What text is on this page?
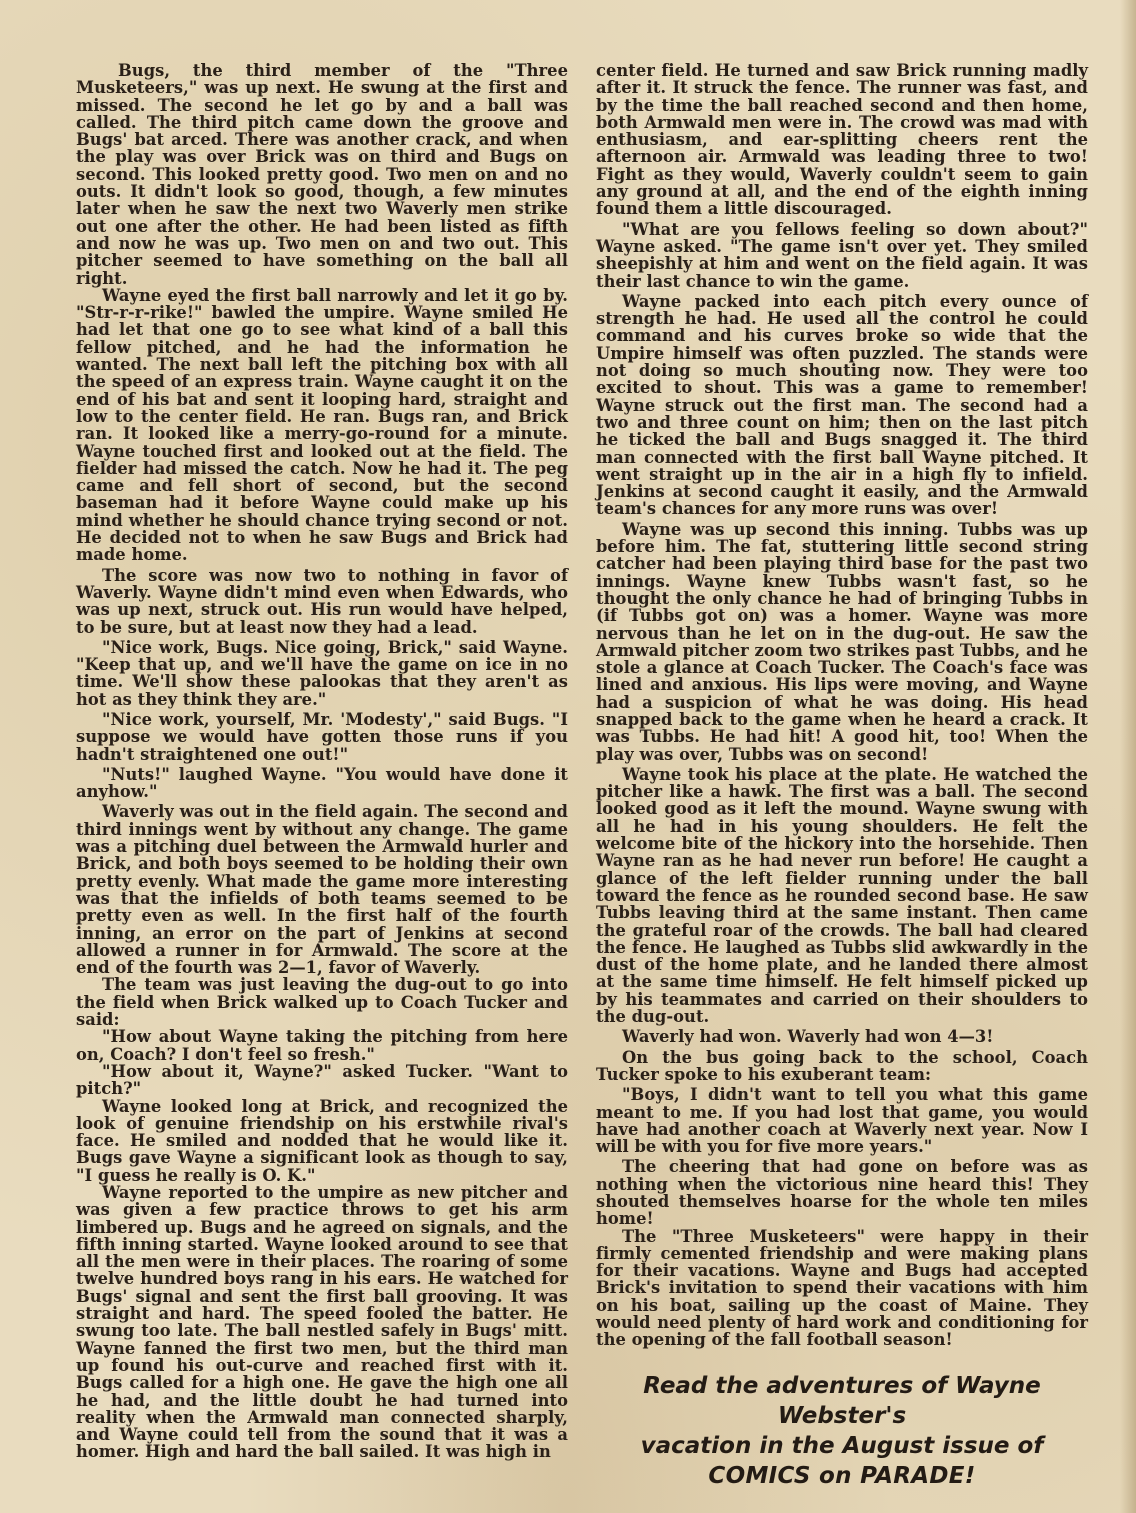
Bugs, the third member of the "Three Musketeers," was up next. He swung at the first and missed. The second he let go by and a ball was called. The third pitch came down the groove and Bugs' bat arced. There was another crack, and when the play was over Brick was on third and Bugs on second. This looked pretty good. Two men on and no outs. It didn't look so good, though, a few minutes later when he saw the next two Waverly men strike out one after the other. He had been listed as fifth and now he was up. Two men on and two out. This pitcher seemed to have something on the ball all right.

Wayne eyed the first ball narrowly and let it go by. "Str-r-r-rike!" bawled the umpire. Wayne smiled He had let that one go to see what kind of a ball this fellow pitched, and he had the information he wanted. The next ball left the pitching box with all the speed of an express train. Wayne caught it on the end of his bat and sent it looping hard, straight and low to the center field. He ran. Bugs ran, and Brick ran. It looked like a merry-go-round for a minute. Wayne touched first and looked out at the field. The fielder had missed the catch. Now he had it. The peg came and fell short of second, but the second baseman had it before Wayne could make up his mind whether he should chance trying second or not. He decided not to when he saw Bugs and Brick had made home.

The score was now two to nothing in favor of Waverly. Wayne didn't mind even when Edwards, who was up next, struck out. His run would have helped, to be sure, but at least now they had a lead.

"Nice work, Bugs. Nice going, Brick," said Wayne. "Keep that up, and we'll have the game on ice in no time. We'll show these palookas that they aren't as hot as they think they are."

"Nice work, yourself, Mr. 'Modesty'," said Bugs. "I suppose we would have gotten those runs if you hadn't straightened one out!"

"Nuts!" laughed Wayne. "You would have done it anyhow."

Waverly was out in the field again. The second and third innings went by without any change. The game was a pitching duel between the Armwald hurler and Brick, and both boys seemed to be holding their own pretty evenly. What made the game more interesting was that the infields of both teams seemed to be pretty even as well. In the first half of the fourth inning, an error on the part of Jenkins at second allowed a runner in for Armwald. The score at the end of the fourth was 2—1, favor of Waverly.

The team was just leaving the dug-out to go into the field when Brick walked up to Coach Tucker and said:

"How about Wayne taking the pitching from here on, Coach? I don't feel so fresh."

"How about it, Wayne?" asked Tucker. "Want to pitch?"

Wayne looked long at Brick, and recognized the look of genuine friendship on his erstwhile rival's face. He smiled and nodded that he would like it. Bugs gave Wayne a significant look as though to say, "I guess he really is O. K."

Wayne reported to the umpire as new pitcher and was given a few practice throws to get his arm limbered up. Bugs and he agreed on signals, and the fifth inning started. Wayne looked around to see that all the men were in their places. The roaring of some twelve hundred boys rang in his ears. He watched for Bugs' signal and sent the first ball grooving. It was straight and hard. The speed fooled the batter. He swung too late. The ball nestled safely in Bugs' mitt. Wayne fanned the first two men, but the third man up found his out-curve and reached first with it. Bugs called for a high one. He gave the high one all he had, and the little doubt he had turned into reality when the Armwald man connected sharply, and Wayne could tell from the sound that it was a homer. High and hard the ball sailed. It was high in

center field. He turned and saw Brick running madly after it. It struck the fence. The runner was fast, and by the time the ball reached second and then home, both Armwald men were in. The crowd was mad with enthusiasm, and ear-splitting cheers rent the afternoon air. Armwald was leading three to two! Fight as they would, Waverly couldn't seem to gain any ground at all, and the end of the eighth inning found them a little discouraged.

"What are you fellows feeling so down about?" Wayne asked. "The game isn't over yet. They smiled sheepishly at him and went on the field again. It was their last chance to win the game.

Wayne packed into each pitch every ounce of strength he had. He used all the control he could command and his curves broke so wide that the Umpire himself was often puzzled. The stands were not doing so much shouting now. They were too excited to shout. This was a game to remember! Wayne struck out the first man. The second had a two and three count on him; then on the last pitch he ticked the ball and Bugs snagged it. The third man connected with the first ball Wayne pitched. It went straight up in the air in a high fly to infield. Jenkins at second caught it easily, and the Armwald team's chances for any more runs was over!

Wayne was up second this inning. Tubbs was up before him. The fat, stuttering little second string catcher had been playing third base for the past two innings. Wayne knew Tubbs wasn't fast, so he thought the only chance he had of bringing Tubbs in (if Tubbs got on) was a homer. Wayne was more nervous than he let on in the dug-out. He saw the Armwald pitcher zoom two strikes past Tubbs, and he stole a glance at Coach Tucker. The Coach's face was lined and anxious. His lips were moving, and Wayne had a suspicion of what he was doing. His head snapped back to the game when he heard a crack. It was Tubbs. He had hit! A good hit, too! When the play was over, Tubbs was on second!

Wayne took his place at the plate. He watched the pitcher like a hawk. The first was a ball. The second looked good as it left the mound. Wayne swung with all he had in his young shoulders. He felt the welcome bite of the hickory into the horsehide. Then Wayne ran as he had never run before! He caught a glance of the left fielder running under the ball toward the fence as he rounded second base. He saw Tubbs leaving third at the same instant. Then came the grateful roar of the crowds. The ball had cleared the fence. He laughed as Tubbs slid awkwardly in the dust of the home plate, and he landed there almost at the same time himself. He felt himself picked up by his teammates and carried on their shoulders to the dug-out.

Waverly had won. Waverly had won 4—3!

On the bus going back to the school, Coach Tucker spoke to his exuberant team:

"Boys, I didn't want to tell you what this game meant to me. If you had lost that game, you would have had another coach at Waverly next year. Now I will be with you for five more years."

The cheering that had gone on before was as nothing when the victorious nine heard this! They shouted themselves hoarse for the whole ten miles home!

The "Three Musketeers" were happy in their firmly cemented friendship and were making plans for their vacations. Wayne and Bugs had accepted Brick's invitation to spend their vacations with him on his boat, sailing up the coast of Maine. They would need plenty of hard work and conditioning for the opening of the fall football season!

Read the adventures of Wayne Webster's
vacation in the August issue of
COMICS on PARADE!
